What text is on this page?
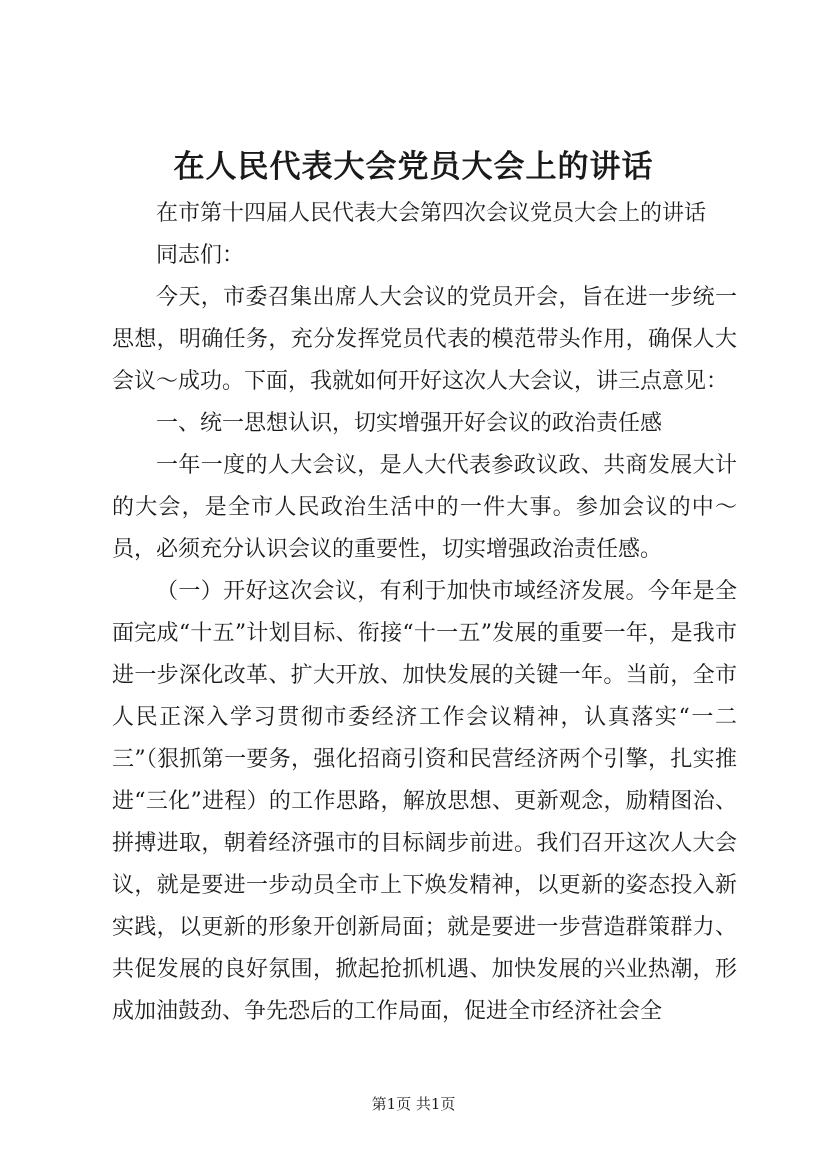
在人民代表大会党员大会上的讲话

在市第十四届人民代表大会第四次会议党员大会上的讲话

同志们：

今天，市委召集出席人大会议的党员开会，旨在进一步统一思想，明确任务，充分发挥党员代表的模范带头作用，确保人大会议～成功。下面，我就如何开好这次人大会议，讲三点意见：

一、统一思想认识，切实增强开好会议的政治责任感

一年一度的人大会议，是人大代表参政议政、共商发展大计的大会，是全市人民政治生活中的一件大事。参加会议的中～员，必须充分认识会议的重要性，切实增强政治责任感。

（一）开好这次会议，有利于加快市域经济发展。今年是全面完成“十五”计划目标、衔接“十一五”发展的重要一年，是我市进一步深化改革、扩大开放、加快发展的关键一年。当前，全市人民正深入学习贯彻市委经济工作会议精神，认真落实“一二三”（狠抓第一要务，强化招商引资和民营经济两个引擎，扎实推进“三化”进程）的工作思路，解放思想、更新观念，励精图治、拼搏进取，朝着经济强市的目标阔步前进。我们召开这次人大会议，就是要进一步动员全市上下焕发精神，以更新的姿态投入新实践，以更新的形象开创新局面；就是要进一步营造群策群力、共促发展的良好氛围，掀起抢抓机遇、加快发展的兴业热潮，形成加油鼓劲、争先恐后的工作局面，促进全市经济社会全

第1页 共1页
